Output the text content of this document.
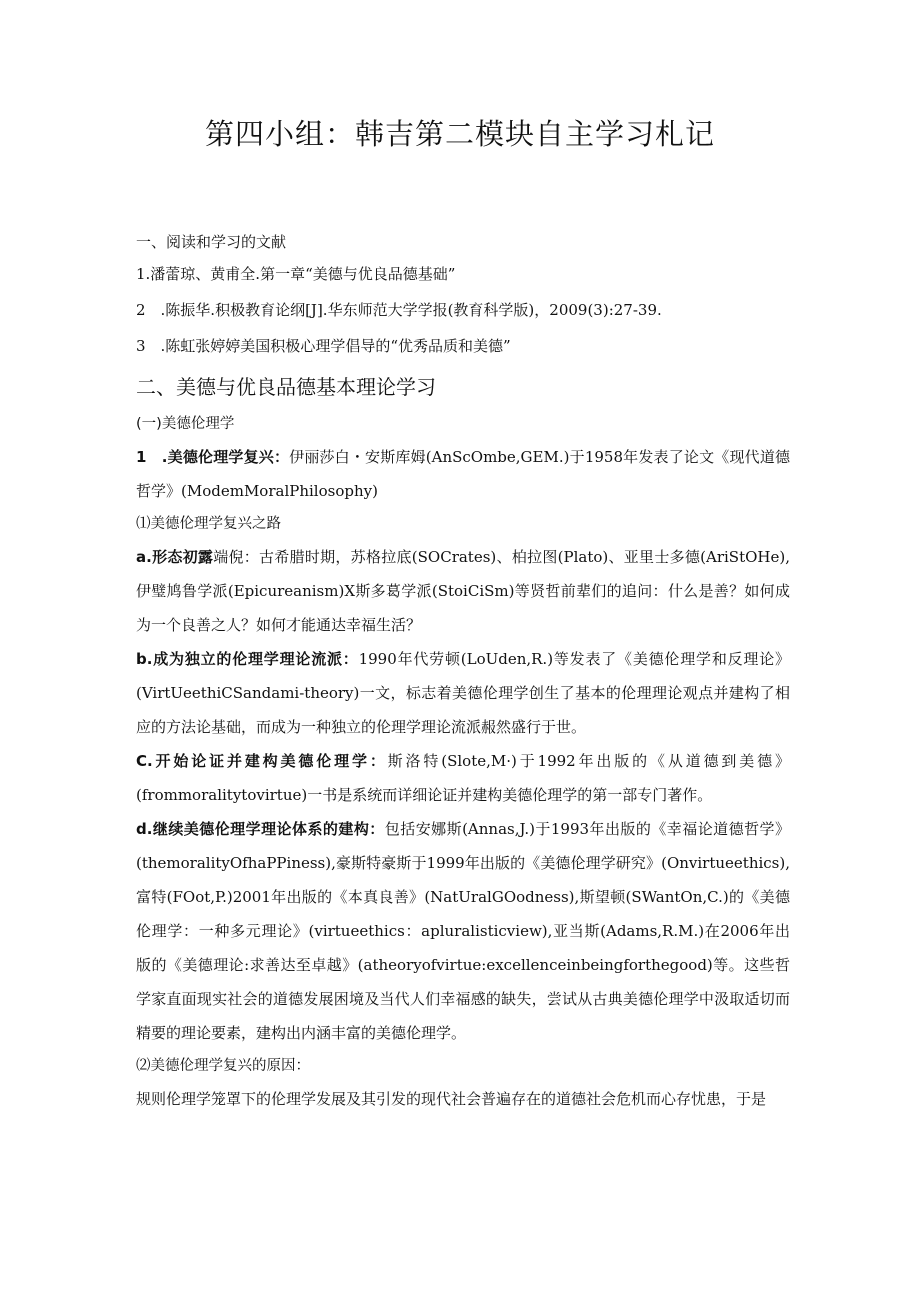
第四小组：韩吉第二模块自主学习札记

一、阅读和学习的文献

1.潘蕾琼、黄甫全.第一章“美德与优良品德基础”

2　.陈振华.积极教育论纲[J].华东师范大学学报(教育科学版)，2009(3):27-39.

3　.陈虹张婷婷美国积极心理学倡导的“优秀品质和美德”

二、美德与优良品德基本理论学习

(一)美德伦理学

1　.美德伦理学复兴：伊丽莎白・安斯库姆(AnScOmbe,GEM.)于1958年发表了论文《现代道德哲学》(ModemMoralPhilosophy)

⑴美德伦理学复兴之路

a.形态初露端倪：古希腊时期，苏格拉底(SOCrates)、柏拉图(Plato)、亚里士多德(AriStOHe),伊璧鸠鲁学派(Epicureanism)X斯多葛学派(StoiCiSm)等贤哲前辈们的追问：什么是善？如何成为一个良善之人？如何才能通达幸福生活？

b.成为独立的伦理学理论流派：1990年代劳顿(LoUden,R.)等发表了《美德伦理学和反理论》(VirtUeethiCSandami-theory)一文，标志着美德伦理学创生了基本的伦理理论观点并建构了相应的方法论基础，而成为一种独立的伦理学理论流派赧然盛行于世。

C.开始论证并建构美德伦理学：斯洛特(Slote,M·)于1992年出版的《从道德到美德》(frommoralitytovirtue)一书是系统而详细论证并建构美德伦理学的第一部专门著作。

d.继续美德伦理学理论体系的建构：包括安娜斯(Annas,J.)于1993年出版的《幸福论道德哲学》(themoralityOfhaPPiness),豪斯特豪斯于1999年出版的《美德伦理学研究》(Onvirtueethics),富特(FOot,P.)2001年出版的《本真良善》(NatUralGOodness),斯望顿(SWantOn,C.)的《美德伦理学：一种多元理论》(virtueethics：apluralisticview),亚当斯(Adams,R.M.)在2006年出版的《美德理论:求善达至卓越》(atheoryofvirtue:excellenceinbeingforthegood)等。这些哲学家直面现实社会的道德发展困境及当代人们幸福感的缺失，尝试从古典美德伦理学中汲取适切而精要的理论要素，建构出内涵丰富的美德伦理学。

⑵美德伦理学复兴的原因：

规则伦理学笼罩下的伦理学发展及其引发的现代社会普遍存在的道德社会危机而心存忧患，于是
